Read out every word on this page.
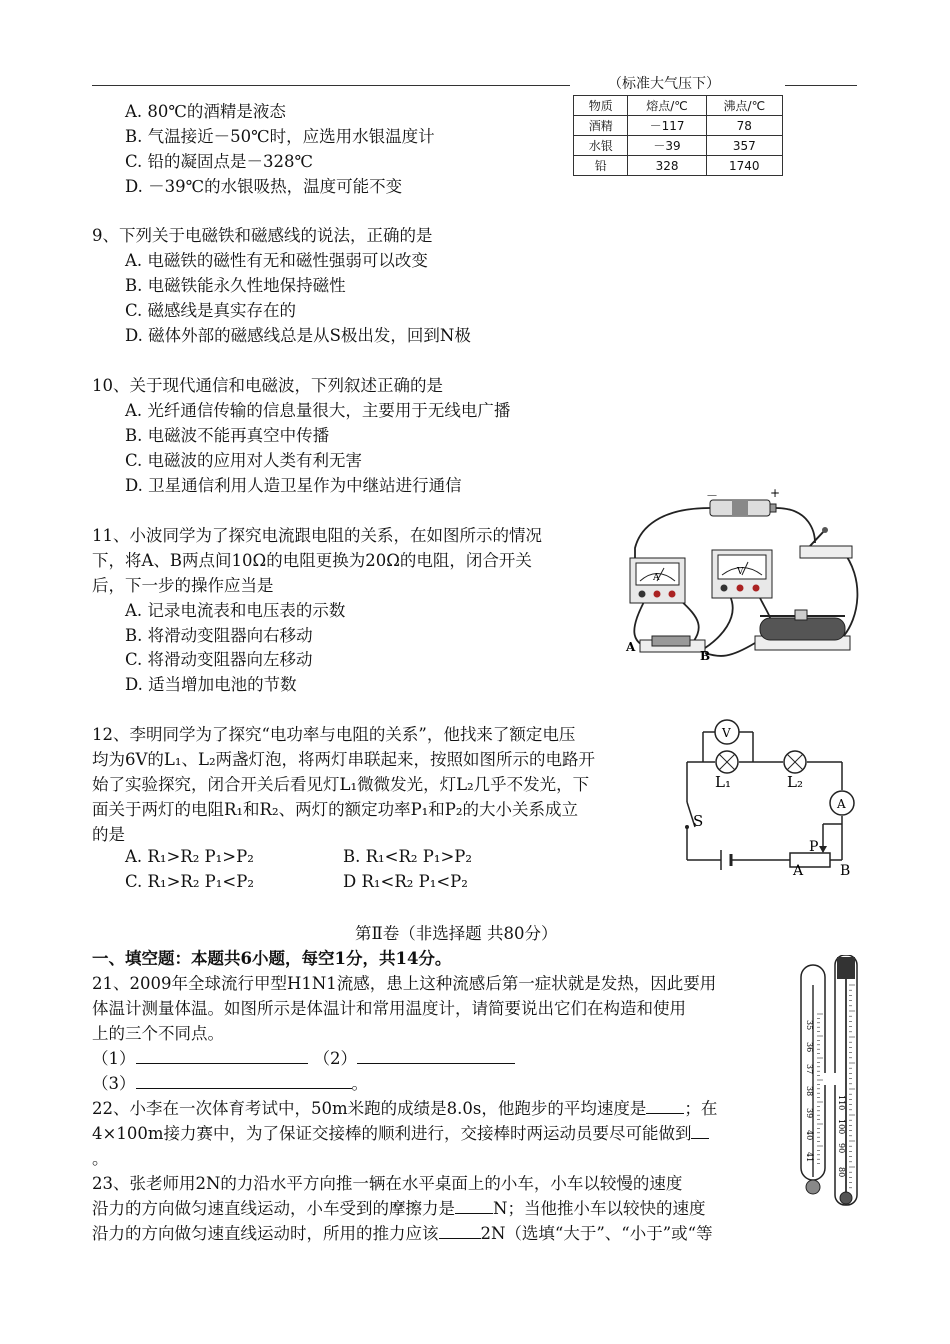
（标准大气压下）
物质	熔点/℃	沸点/℃
酒精	－117	78
水银	－39	357
铅	328	1740
A. 80℃的酒精是液态
B. 气温接近－50℃时，应选用水银温度计
C. 铅的凝固点是－328℃
D. －39℃的水银吸热，温度可能不变
9、下列关于电磁铁和磁感线的说法，正确的是
A. 电磁铁的磁性有无和磁性强弱可以改变
B. 电磁铁能永久性地保持磁性
C. 磁感线是真实存在的
D. 磁体外部的磁感线总是从S极出发，回到N极
10、关于现代通信和电磁波，下列叙述正确的是
A. 光纤通信传输的信息量很大，主要用于无线电广播
B. 电磁波不能再真空中传播
C. 电磁波的应用对人类有利无害
D. 卫星通信利用人造卫星作为中继站进行通信
11、小波同学为了探究电流跟电阻的关系，在如图所示的情况
下，将A、B两点间10Ω的电阻更换为20Ω的电阻，闭合开关
后，下一步的操作应当是
A. 记录电流表和电压表的示数
B. 将滑动变阻器向右移动
C. 将滑动变阻器向左移动
D. 适当增加电池的节数
－	+
A
V
A
B
12、李明同学为了探究“电功率与电阻的关系”，他找来了额定电压
均为6V的L₁、L₂两盏灯泡，将两灯串联起来，按照如图所示的电路开
始了实验探究，闭合开关后看见灯L₁微微发光，灯L₂几乎不发光，下
面关于两灯的电阻R₁和R₂、两灯的额定功率P₁和P₂的大小关系成立
的是
A. R₁>R₂ P₁>P₂	B. R₁<R₂ P₁>P₂
C. R₁>R₂ P₁<P₂	D R₁<R₂ P₁<P₂
S
P
A	B
L₁	L₂
V
A
第Ⅱ卷（非选择题 共80分）
一、填空题：本题共6小题，每空1分，共14分。
21、2009年全球流行甲型H1N1流感，患上这种流感后第一症状就是发热，因此要用
体温计测量体温。如图所示是体温计和常用温度计，请简要说出它们在构造和使用
上的三个不同点。
（1）	（2）
（3）	。
35
36
37
38
39
40
41
110
100
90
80
22、小李在一次体育考试中，50m米跑的成绩是8.0s，他跑步的平均速度是 ；在
4×100m接力赛中，为了保证交接棒的顺利进行，交接棒时两运动员要尽可能做到
。
23、张老师用2N的力沿水平方向推一辆在水平桌面上的小车，小车以较慢的速度
沿力的方向做匀速直线运动，小车受到的摩擦力是 N；当他推小车以较快的速度
沿力的方向做匀速直线运动时，所用的推力应该	2N（选填“大于”、“小于”或“等
